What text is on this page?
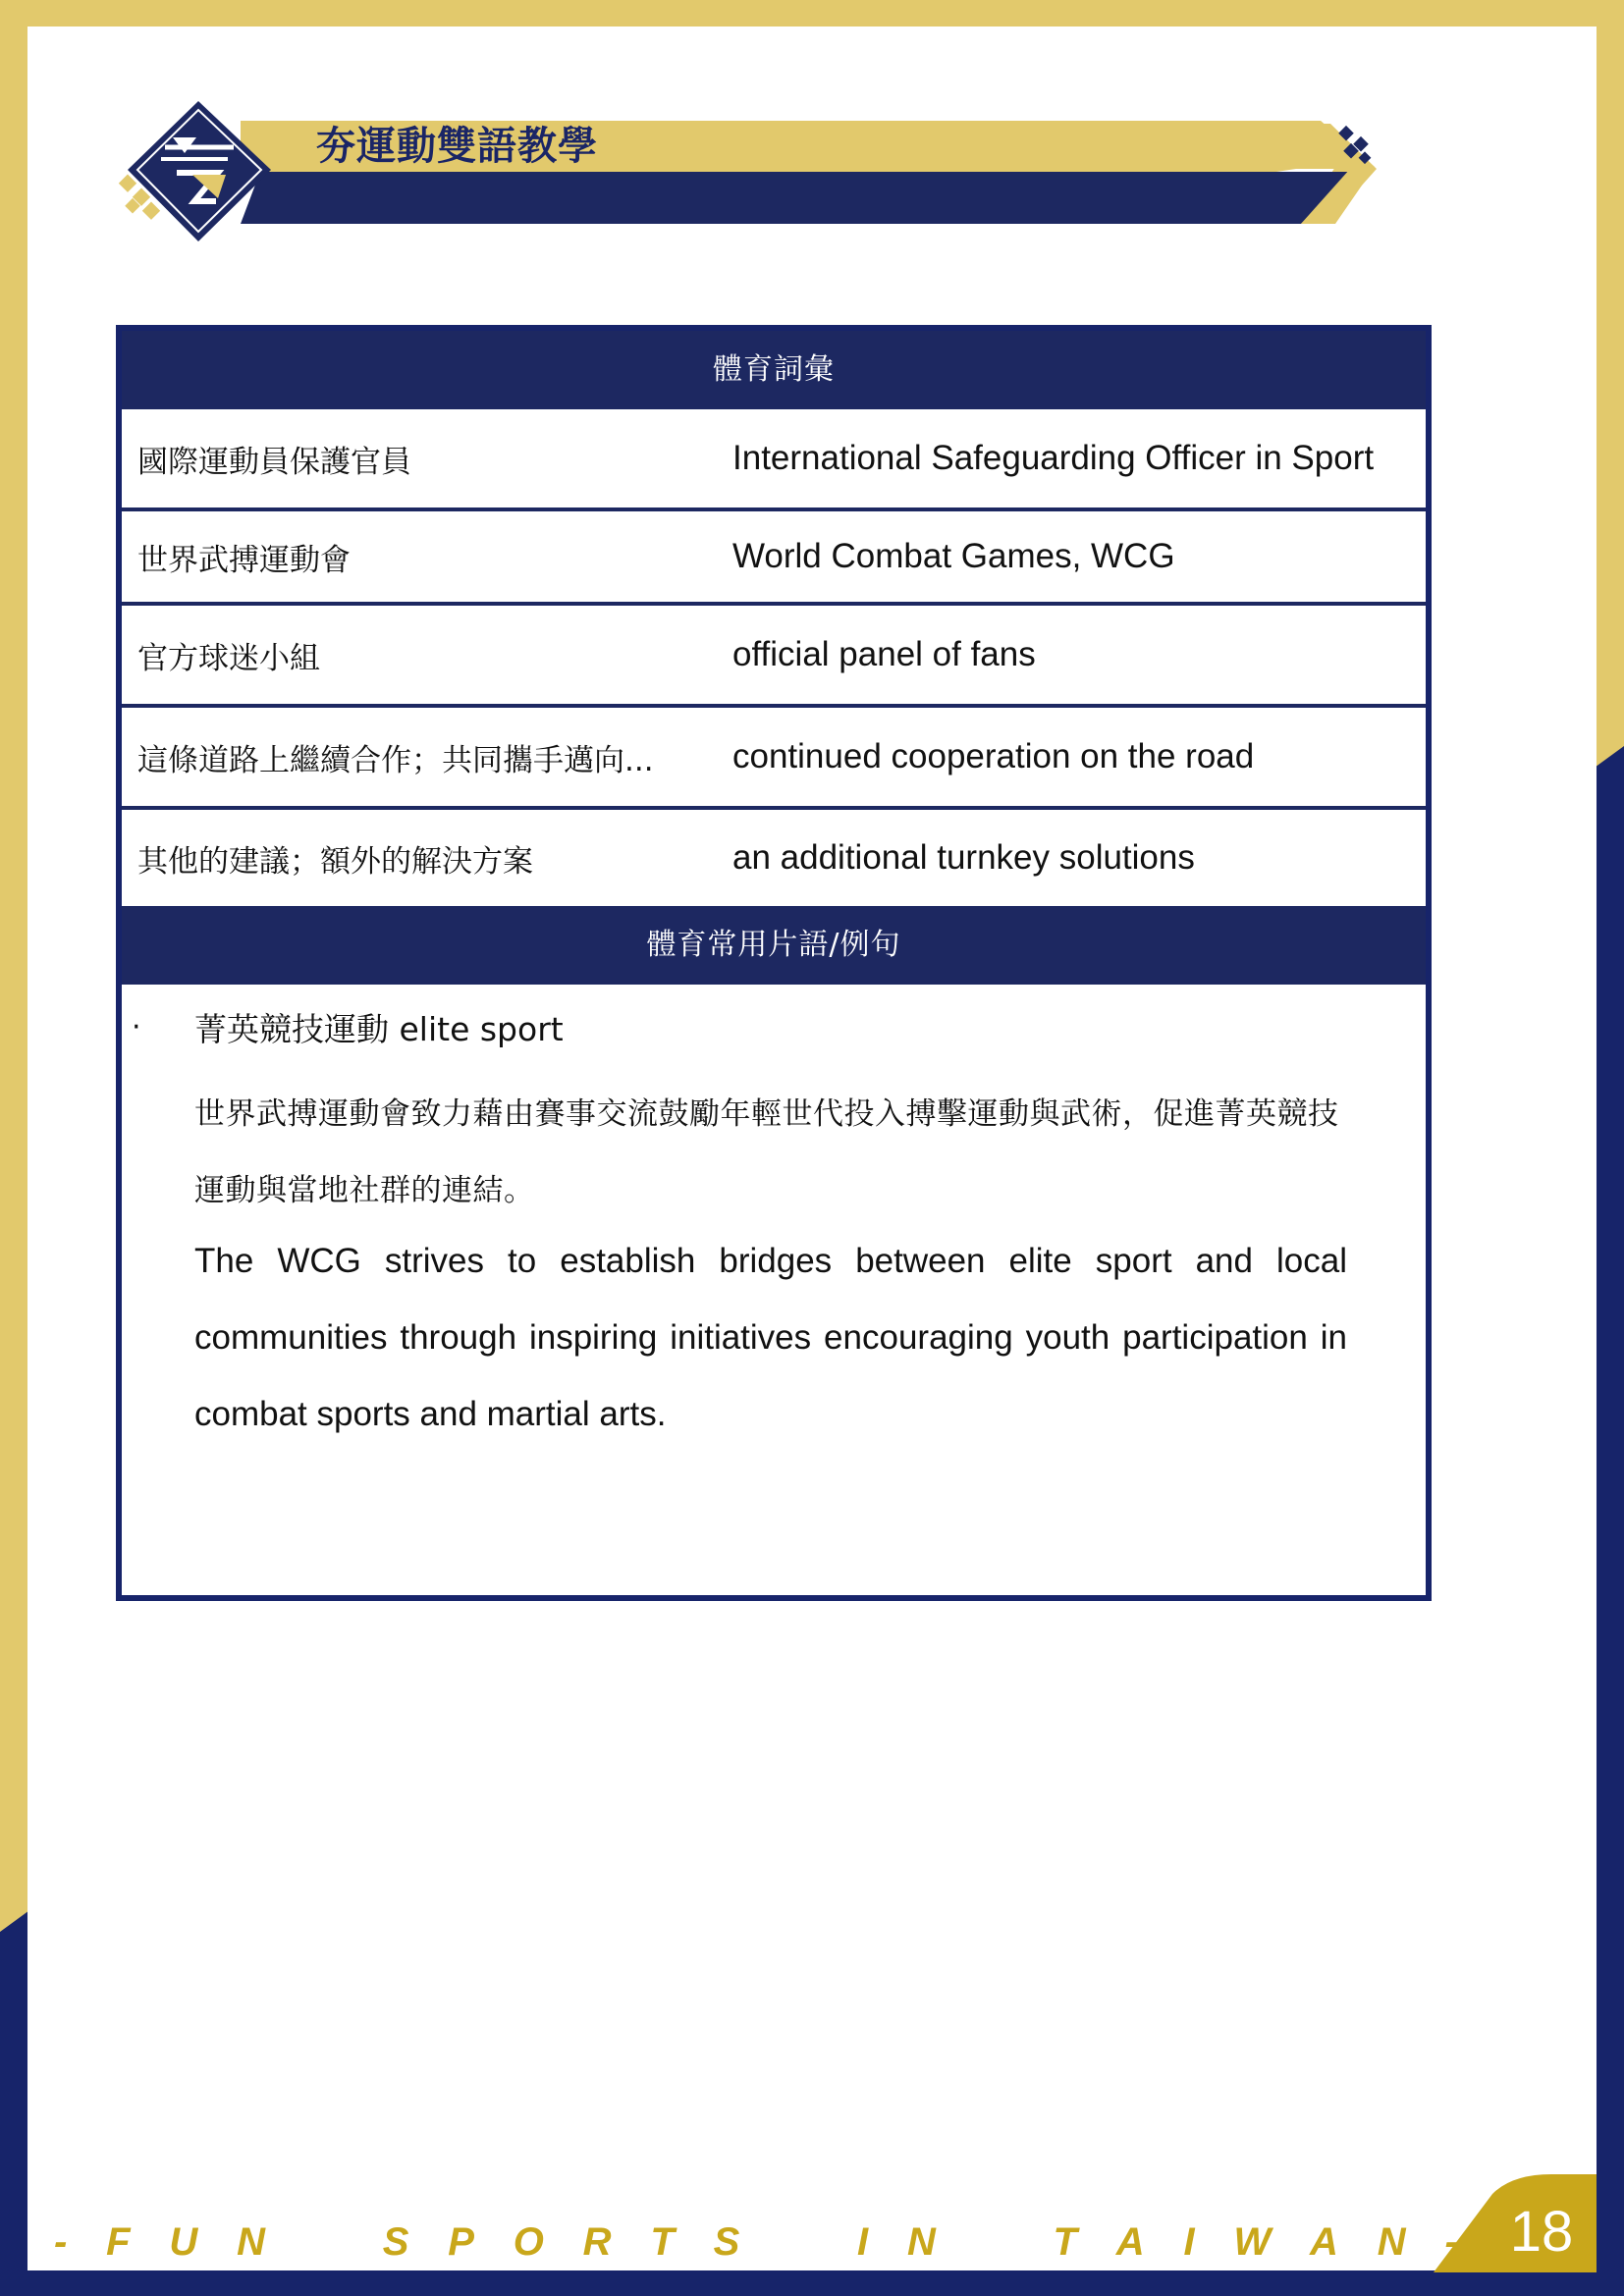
夯運動雙語教學
體育詞彙
國際運動員保護官員	International Safeguarding Officer in Sport
世界武搏運動會	World Combat Games, WCG
官方球迷小組	official panel of fans
這條道路上繼續合作；共同攜手邁向...	continued cooperation on the road
其他的建議；額外的解決方案	an additional turnkey solutions
體育常用片語/例句
· 菁英競技運動 elite sport
世界武搏運動會致力藉由賽事交流鼓勵年輕世代投入搏擊運動與武術，促進菁英競技運動與當地社群的連結。
The WCG strives to establish bridges between elite sport and local communities through inspiring initiatives encouraging youth participation in combat sports and martial arts.
18
- F U N	S P O R T S	I N	T A I W A N -
